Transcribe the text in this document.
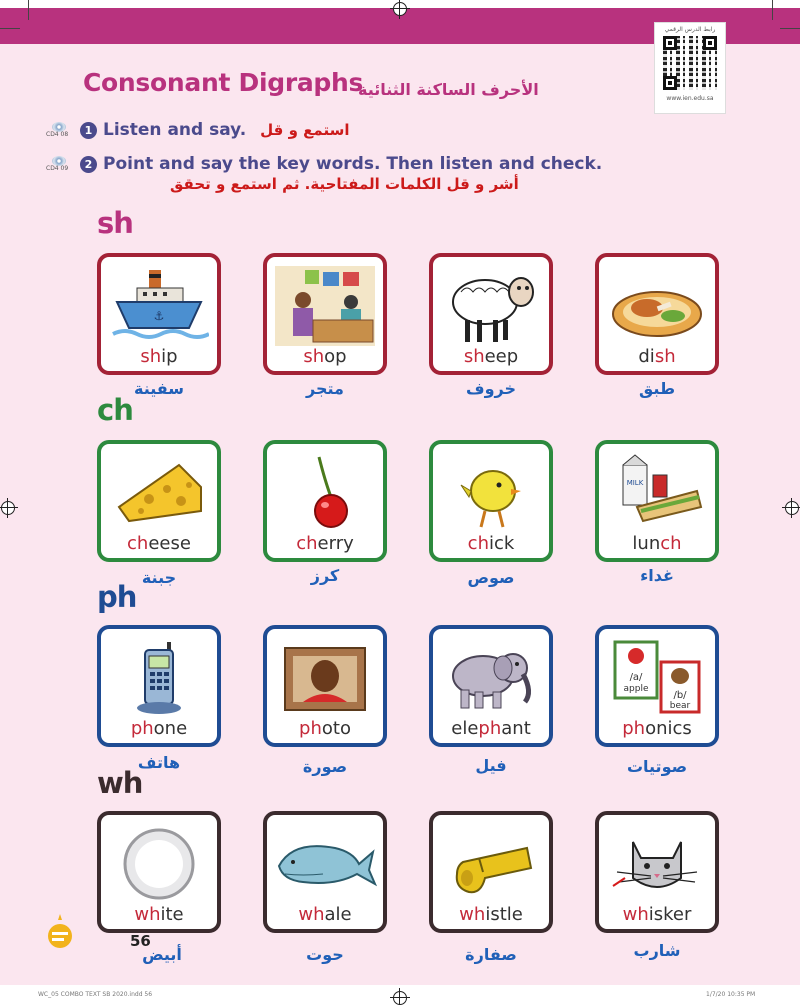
رابط الدرس الرقمي
www.ien.edu.sa
Consonant Digraphs
الأحرف الساكنة الثنائية
CD4 08	1 Listen and say. استمع و قل
CD4 09	2 Point and say the key words. Then listen and check.
أشر و قل الكلمات المفتاحية. ثم استمع و تحقق
sh
⚓
ship	shop	sheep	dish
سفينة	متجر	خروف	طبق
ch
cheese	cherry	chick
MILK
lunch
جبنة	كرز	صوص	غداء
ph
phone	photo	elephant
/a/
apple
/b/
bear
phonics
هاتف	صورة	فيل	صوتيات
wh
white	whale	whistle	whisker
أبيض	حوت	صفارة	شارب
56
WC_05 COMBO TEXT SB 2020.indd 56	1/7/20 10:35 PM
